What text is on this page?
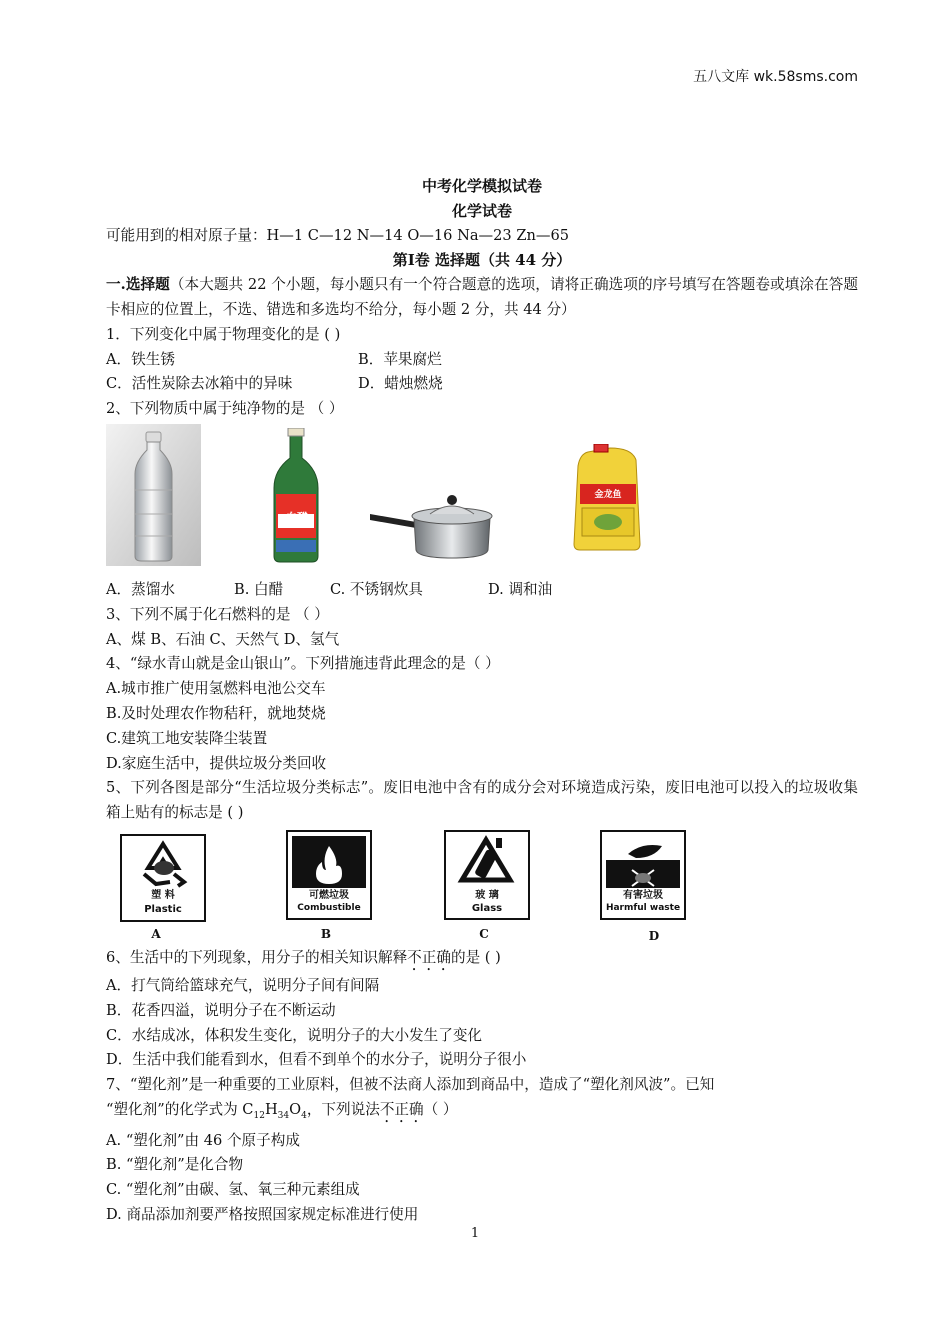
五八文库 wk.58sms.com
中考化学模拟试卷
化学试卷
可能用到的相对原子量：H—1 C—12 N—14 O—16 Na—23 Zn—65
第Ⅰ卷 选择题（共 44 分）
一.选择题（本大题共 22 个小题，每小题只有一个符合题意的选项，请将正确选项的序号填写在答题卷或填涂在答题卡相应的位置上，不选、错选和多选均不给分，每小题 2 分，共 44 分）
1．下列变化中属于物理变化的是 ( )
A．铁生锈	B．苹果腐烂
C．活性炭除去冰箱中的异味	D．蜡烛燃烧
2、下列物质中属于纯净物的是 （ ）
白醋
金龙鱼
A．蒸馏水	B. 白醋	C. 不锈钢炊具	D. 调和油
3、下列不属于化石燃料的是 （ ）
A、煤 B、石油 C、天然气 D、氢气
4、“绿水青山就是金山银山”。下列措施违背此理念的是（ ）
A.城市推广使用氢燃料电池公交车
B.及时处理农作物秸秆，就地焚烧
C.建筑工地安装降尘装置
D.家庭生活中，提供垃圾分类回收
5、下列各图是部分“生活垃圾分类标志”。废旧电池中含有的成分会对环境造成污染，废旧电池可以投入的垃圾收集箱上贴有的标志是 ( )
塑 料
Plastic
A
可燃垃圾
Combustible
B
玻 璃
Glass
C
有害垃圾
Harmful waste
D
6、生活中的下列现象，用分子的相关知识解释不正确的是 ( )
A．打气筒给篮球充气，说明分子间有间隔
B．花香四溢，说明分子在不断运动
C．水结成冰，体积发生变化，说明分子的大小发生了变化
D．生活中我们能看到水，但看不到单个的水分子，说明分子很小
7、“塑化剂”是一种重要的工业原料，但被不法商人添加到商品中，造成了“塑化剂风波”。已知
“塑化剂”的化学式为 $C_{12}H_{34}O_4$，下列说法不正确（ ）
A. “塑化剂”由 46 个原子构成
B. “塑化剂”是化合物
C. “塑化剂”由碳、氢、氧三种元素组成
D. 商品添加剂要严格按照国家规定标准进行使用
1
